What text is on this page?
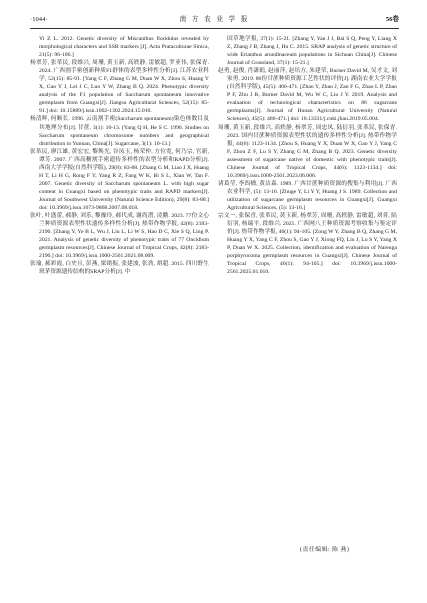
·1044·	南 方 农 业 学 报	56卷

Yi Z L. 2012. Genetic diversity of Miscanthus floridulus revealed by morphological characters and SSR markers [J]. Acta Prataculturae Sinica, 21(5): 96-106.]

杨翠芳, 张革民, 段维兴, 周珊, 黄玉新, 高轶静, 雷敏超, 罗亚伟, 张保青. 2024. 广西割手密创新种质F1群体的表型多样性分析[J]. 江苏农业科学, 52(15): 85-91. [Yang C F, Zhang G M, Duan W X, Zhou S, Huang Y X, Gao Y J, Lei J C, Luo Y W, Zhang B Q. 2024. Phenotypic diversity analysis of the F1 population of Saccharum spontaneum innovative germplasm from Guangxi[J]. Jiangsu Agricultural Sciences, 52(15): 85-91.] doi: 10.15889/j.issn.1002-1302.2024.15.010.

杨清辉, 何顺长. 1996. 云南割手密(Saccharum spontaneum)染色体数目及其地理分布[J]. 甘蔗, 3(1): 10-13. [Yang Q H, He S C. 1996. Studies on Saccharum spontaneum chromosome numbers and geographical distribution in Yunnan, China[J]. Sugarcane, 3(1): 10-13.]

张革民, 廖江雄, 黄宏宏, 黎焕光, 谷凤玉, 杨荣仲, 方位宽, 何乃宗, 官新, 谭芳. 2007. 广西高糖割手密遗传多样性的表型分析和RAPD分析[J]. 西南大学学报(自然科学版), 29(8): 83-88. [Zhang G M, Liao J X, Huang H T, Li H G, Rong F Y, Yang R Z, Fang W K, Bi S L, Xian W, Tan F. 2007. Genetic diversity of Saccharum spontaneum L. with high sugar content in Guangxi based on phenotypic traits and RAPD markers[J]. Journal of Southwest University (Natural Science Edition), 29(8): 83-88.] doi: 10.3969/j.issn.1673-9868.2007.08.018.

张叶, 叶盛蕾, 郝静, 刘乐, 黎豫玲, 郝代成, 谢尚潜, 凌鹏. 2023. 77份文心兰种质资源表型性状遗传多样性分析[J]. 热带作物学报, 42(8): 2183-2190. [Zhang Y, Ye B L, Wu J, Liu L, Li W S, Hao D C, Xie S Q, Ling P. 2021. Analysis of genetic diversity of phenotypic traits of 77 Oncidium germplasm resources[J]. Chinese Journal of Tropical Crops, 42(8): 2183-2190.] doi: 10.3969/j.issn.1000-2561.2021.08.009.

张瑜, 郝彩霞, 白史且, 彭燕, 梁绪振, 张建波, 张劲, 胡超. 2015. 四川野生斑茅资源遗传结构的SRAP分析[J]. 中

国草地学报, 37(1): 15-21. [Zhang Y, Yan J J, Bai S Q, Peng Y, Liang X Z, Zhang J B, Zhang J, Hu C. 2015. SRAP analysis of genetic structure of wide Erianthus arundinaceum populations in Sichuan China[J]. Chinese Journal of Grassland, 37(1): 15-21.]

赵勇, 赵俊, 肖潇娟, 赵丽萍, 赵培方, 朱建荣, Burner David M, 吴才文, 刘家勇. 2019. 86份甘蔗种质资源工艺性状的评价[J]. 湖南农业大学学报(自然科学版), 45(5): 466-471. [Zhao Y, Zhao J, Zan F G, Zhao L P, Zhao P F, Zhu J R, Burner David M, Wu W C, Liu J Y. 2019. Analysis and evaluation of technological characteristics on 86 sugarcane germplasms[J]. Journal of Hunan Agricultural University (Natural Sciences), 45(5): 466-471.] doi: 10.13331/j.cnki.jhau.2019.05.004.

周珊, 黄玉新, 段维兴, 高轶静, 杨翠芳, 周忠凤, 陆衍羽, 张革民, 张保青. 2023. 国内甘蔗种质资源表型性状的遗传多样性分析[J]. 热带作物学报, 44(6): 1123-1134. [Zhou S, Huang Y X, Duan W X, Gao Y J, Yang C F, Zhou Z F, Lu S Y, Zhang G M, Zhang B Q. 2023. Genetic diversity assessment of sugarcane native of domestic with phenotypic traits[J]. Chinese Journal of Tropical Crops, 44(6): 1123-1134.] doi: 10.3969/j.issn.1000-2561.2023.06.006.

诸葛莹, 李酉楹, 黄洁森. 1989. 广西甘蔗种质资源的搜集与利用[J]. 广西农业科学, (5): 13-16. [Zhuge Y, Li Y Y, Huang J S. 1989. Collection and utilization of sugarcane germplasm resources in Guangxi[J]. Guangxi Agricultural Sciences, (5): 13-16.]

宗文一, 张保青, 张革民, 黄玉新, 杨翠芳, 周珊, 高轶静, 雷敏超, 刘菁, 陆衍羽, 杨瑞平, 段维兴. 2025. 广西网八王种质资源考察收集与鉴定评价[J]. 热带作物学报, 46(1): 94-105. [Zong W Y, Zhang B Q, Zhang G M, Huang Y X, Yang C F, Zhou S, Gao Y J, Xiong FQ, Liu J, Lu S Y, Yang X P, Duan W X. 2025. Collection, identification and evaluation of Narenga porphyrocoma germplasm resources in Guangxi[J]. Chinese Journal of Tropical Crops, 46(1): 94-105.] doi: 10.3969/j.issn.1000-2561.2025.01.010.

(责任编辑: 陈 燕)
